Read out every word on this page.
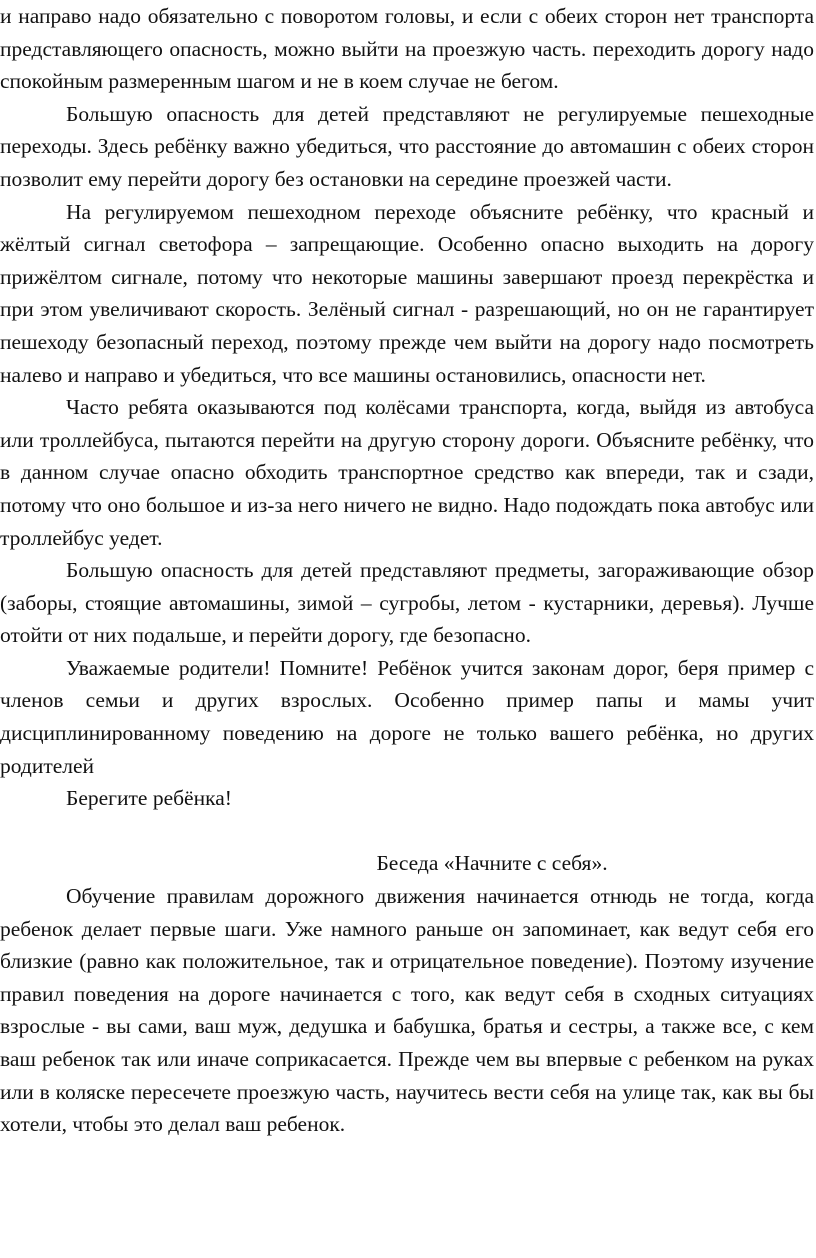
и направо надо обязательно с поворотом головы, и если с обеих сторон нет транспорта представляющего опасность, можно выйти на проезжую часть. переходить дорогу надо спокойным размеренным шагом и не в коем случае не бегом.

Большую опасность для детей представляют не регулируемые пешеходные переходы. Здесь ребёнку важно убедиться, что расстояние до автомашин с обеих сторон позволит ему перейти дорогу без остановки на середине проезжей части.

На регулируемом пешеходном переходе объясните ребёнку, что красный и жёлтый сигнал светофора – запрещающие. Особенно опасно выходить на дорогу прижёлтом сигнале, потому что некоторые машины завершают проезд перекрёстка и при этом увеличивают скорость. Зелёный сигнал - разрешающий, но он не гарантирует пешеходу безопасный переход, поэтому прежде чем выйти на дорогу надо посмотреть налево и направо и убедиться, что все машины остановились, опасности нет.

Часто ребята оказываются под колёсами транспорта, когда, выйдя из автобуса или троллейбуса, пытаются перейти на другую сторону дороги. Объясните ребёнку, что в данном случае опасно обходить транспортное средство как впереди, так и сзади, потому что оно большое и из-за него ничего не видно. Надо подождать пока автобус или троллейбус уедет.

Большую опасность для детей представляют предметы, загораживающие обзор (заборы, стоящие автомашины, зимой – сугробы, летом - кустарники, деревья). Лучше отойти от них подальше, и перейти дорогу, где безопасно.

Уважаемые родители! Помните! Ребёнок учится законам дорог, беря пример с членов семьи и других взрослых. Особенно пример папы и мамы учит дисциплинированному поведению на дороге не только вашего ребёнка, но других родителей

Берегите ребёнка!

Беседа «Начните с себя».

Обучение правилам дорожного движения начинается отнюдь не тогда, когда ребенок делает первые шаги. Уже намного раньше он запоминает, как ведут себя его близкие (равно как положительное, так и отрицательное поведение). Поэтому изучение правил поведения на дороге начинается с того, как ведут себя в сходных ситуациях взрослые - вы сами, ваш муж, дедушка и бабушка, братья и сестры, а также все, с кем ваш ребенок так или иначе соприкасается. Прежде чем вы впервые с ребенком на руках или в коляске пересечете проезжую часть, научитесь вести себя на улице так, как вы бы хотели, чтобы это делал ваш ребенок.
